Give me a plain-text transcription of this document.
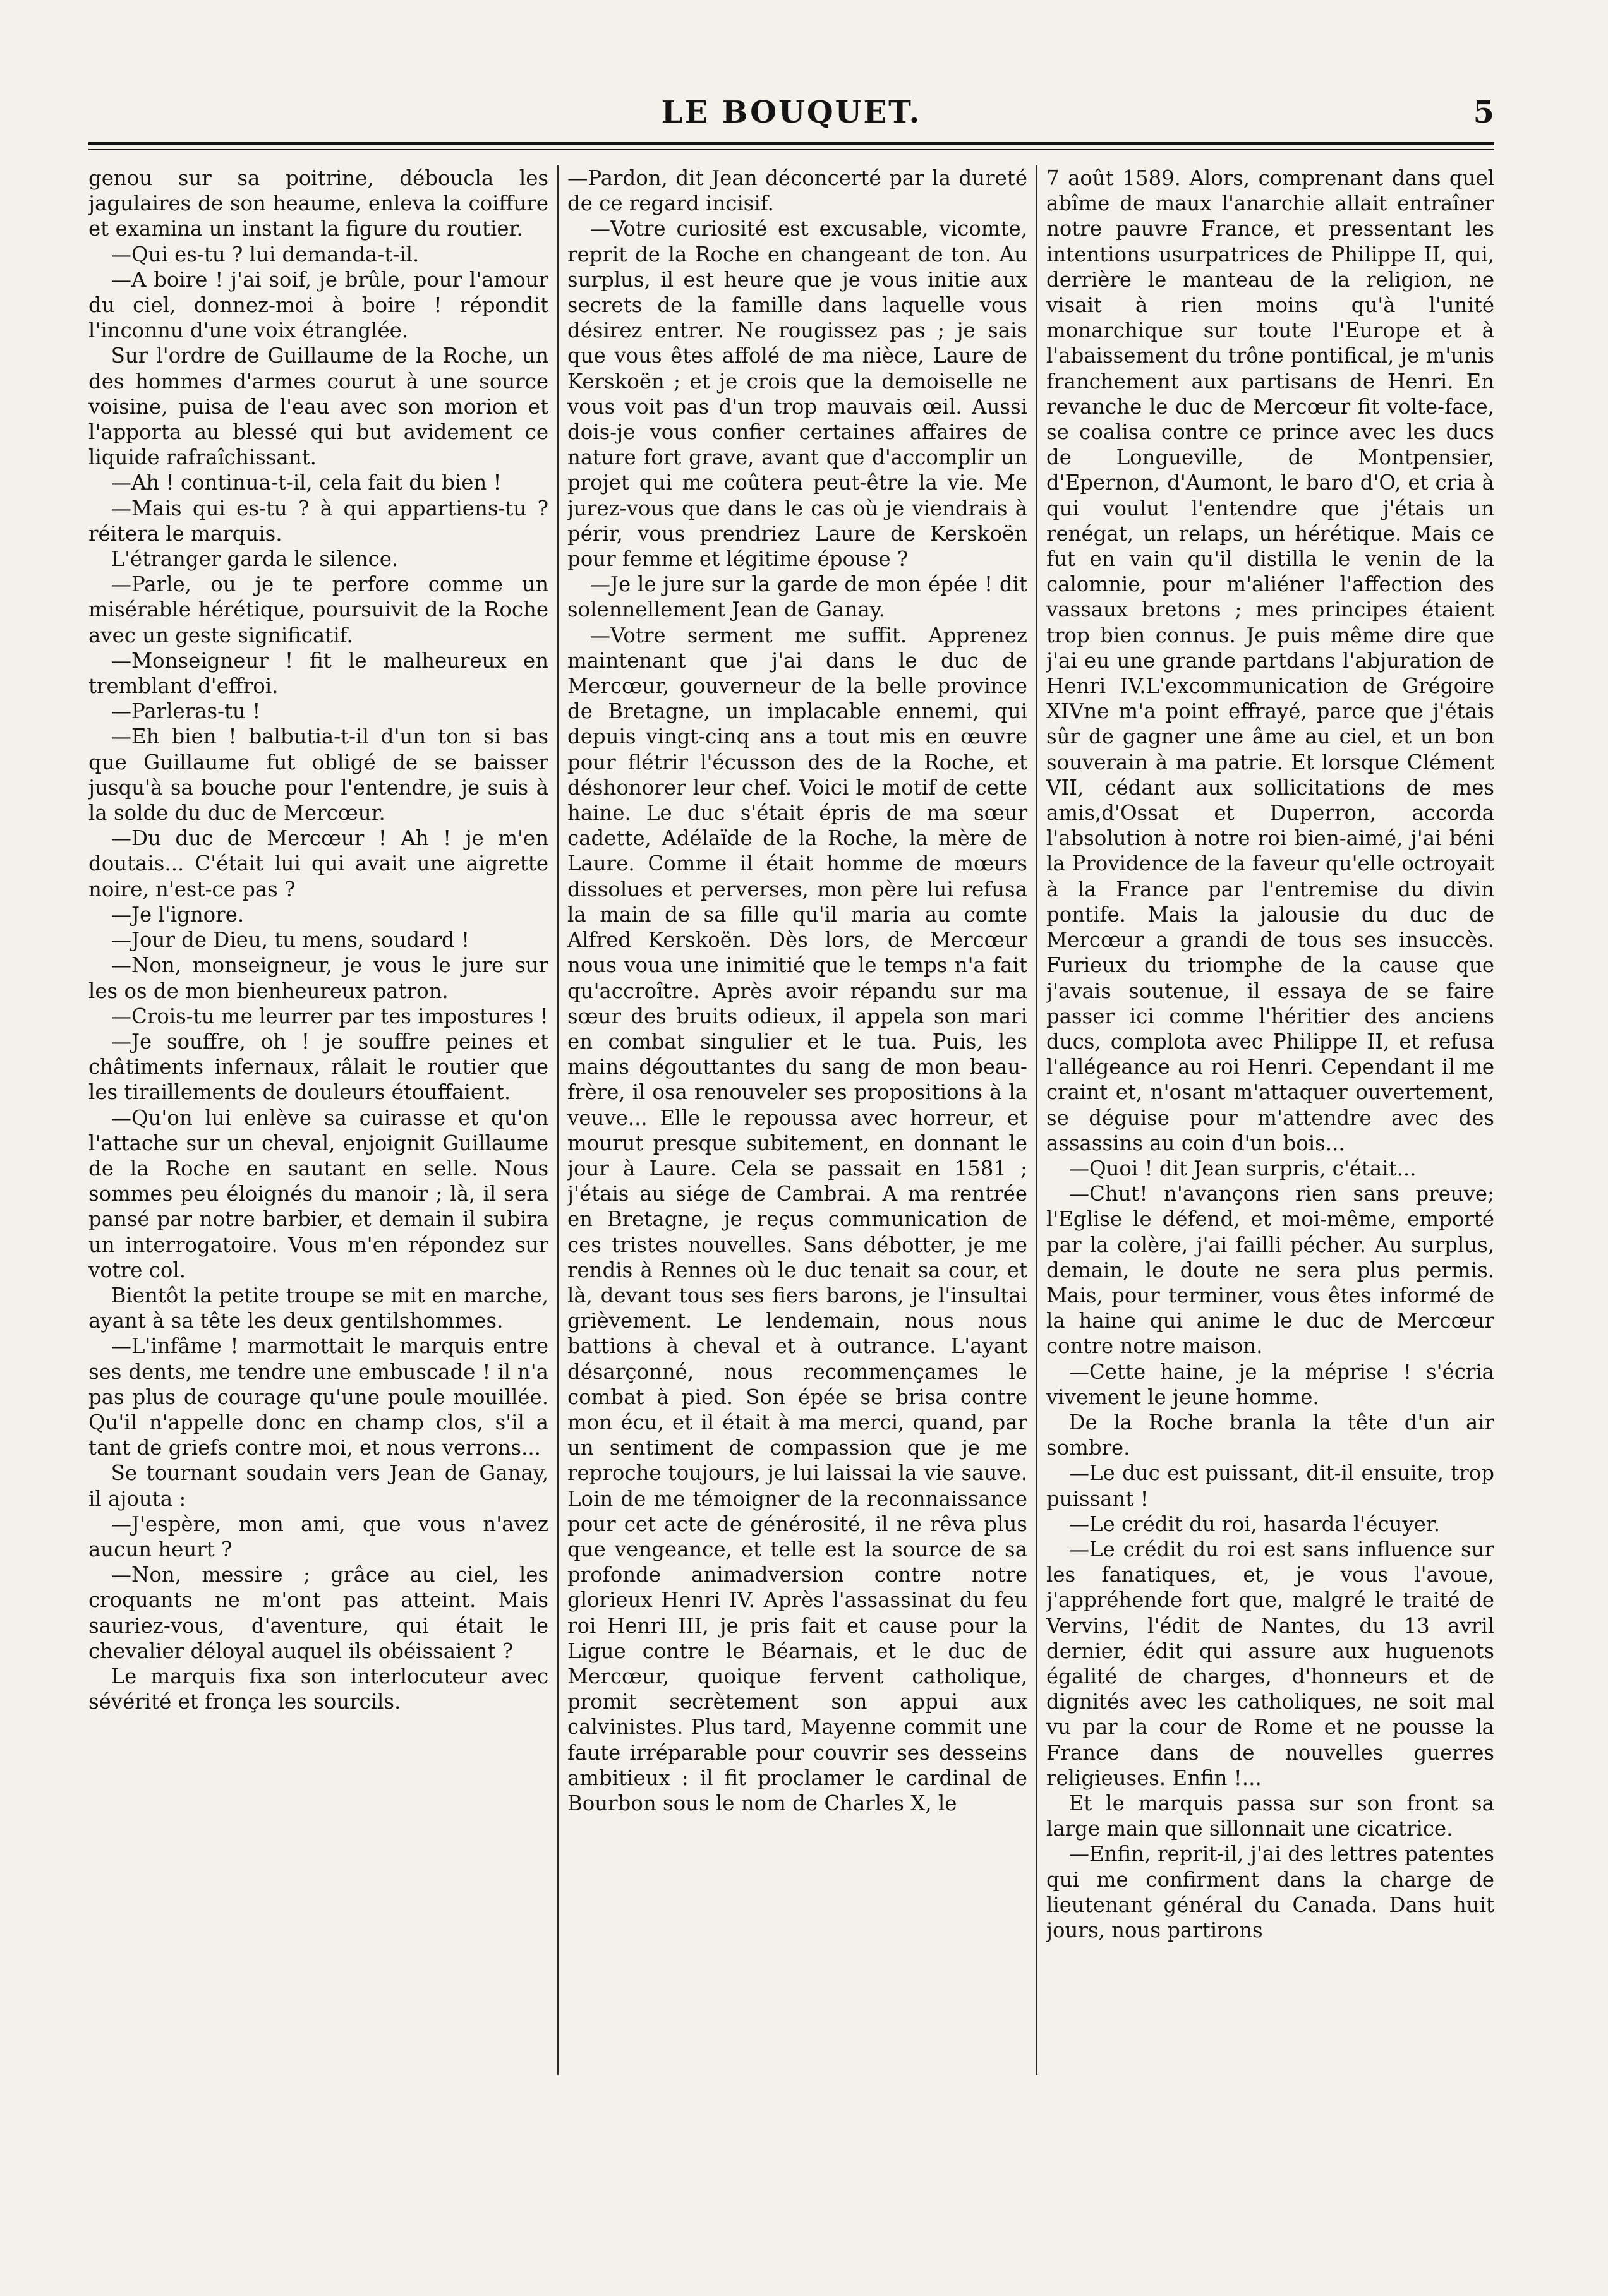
LE BOUQUET.	5

genou sur sa poitrine, déboucla les jagulaires de son heaume, enleva la coiffure et examina un instant la figure du routier.

—Qui es-tu ? lui demanda-t-il.

—A boire ! j'ai soif, je brûle, pour l'amour du ciel, donnez-moi à boire ! répondit l'inconnu d'une voix étranglée.

Sur l'ordre de Guillaume de la Roche, un des hommes d'armes courut à une source voisine, puisa de l'eau avec son morion et l'apporta au blessé qui but avidement ce liquide rafraîchissant.

—Ah ! continua-t-il, cela fait du bien !

—Mais qui es-tu ? à qui appartiens-tu ? réitera le marquis.

L'étranger garda le silence.

—Parle, ou je te perfore comme un misérable hérétique, poursuivit de la Roche avec un geste significatif.

—Monseigneur ! fit le malheureux en tremblant d'effroi.

—Parleras-tu !

—Eh bien ! balbutia-t-il d'un ton si bas que Guillaume fut obligé de se baisser jusqu'à sa bouche pour l'entendre, je suis à la solde du duc de Mercœur.

—Du duc de Mercœur ! Ah ! je m'en doutais... C'était lui qui avait une aigrette noire, n'est-ce pas ?

—Je l'ignore.

—Jour de Dieu, tu mens, soudard !

—Non, monseigneur, je vous le jure sur les os de mon bienheureux patron.

—Crois-tu me leurrer par tes impostures !

—Je souffre, oh ! je souffre peines et châtiments infernaux, râlait le routier que les tiraillements de douleurs étouffaient.

—Qu'on lui enlève sa cuirasse et qu'on l'attache sur un cheval, enjoignit Guillaume de la Roche en sautant en selle. Nous sommes peu éloignés du manoir ; là, il sera pansé par notre barbier, et demain il subira un interrogatoire. Vous m'en répondez sur votre col.

Bientôt la petite troupe se mit en marche, ayant à sa tête les deux gentilshommes.

—L'infâme ! marmottait le marquis entre ses dents, me tendre une embuscade ! il n'a pas plus de courage qu'une poule mouillée. Qu'il n'appelle donc en champ clos, s'il a tant de griefs contre moi, et nous verrons...

Se tournant soudain vers Jean de Ganay, il ajouta :

—J'espère, mon ami, que vous n'avez aucun heurt ?

—Non, messire ; grâce au ciel, les croquants ne m'ont pas atteint. Mais sauriez-vous, d'aventure, qui était le chevalier déloyal auquel ils obéissaient ?

Le marquis fixa son interlocuteur avec sévérité et fronça les sourcils.

—Pardon, dit Jean déconcerté par la dureté de ce regard incisif.

—Votre curiosité est excusable, vicomte, reprit de la Roche en changeant de ton. Au surplus, il est heure que je vous initie aux secrets de la famille dans laquelle vous désirez entrer. Ne rougissez pas ; je sais que vous êtes affolé de ma nièce, Laure de Kerskoën ; et je crois que la demoiselle ne vous voit pas d'un trop mauvais œil. Aussi dois-je vous confier certaines affaires de nature fort grave, avant que d'accomplir un projet qui me coûtera peut-être la vie. Me jurez-vous que dans le cas où je viendrais à périr, vous prendriez Laure de Kerskoën pour femme et légitime épouse ?

—Je le jure sur la garde de mon épée ! dit solennellement Jean de Ganay.

—Votre serment me suffit. Apprenez maintenant que j'ai dans le duc de Mercœur, gouverneur de la belle province de Bretagne, un implacable ennemi, qui depuis vingt-cinq ans a tout mis en œuvre pour flétrir l'écusson des de la Roche, et déshonorer leur chef. Voici le motif de cette haine. Le duc s'était épris de ma sœur cadette, Adélaïde de la Roche, la mère de Laure. Comme il était homme de mœurs dissolues et perverses, mon père lui refusa la main de sa fille qu'il maria au comte Alfred Kerskoën. Dès lors, de Mercœur nous voua une inimitié que le temps n'a fait qu'accroître. Après avoir répandu sur ma sœur des bruits odieux, il appela son mari en combat singulier et le tua. Puis, les mains dégouttantes du sang de mon beau-frère, il osa renouveler ses propositions à la veuve... Elle le repoussa avec horreur, et mourut presque subitement, en donnant le jour à Laure. Cela se passait en 1581 ; j'étais au siége de Cambrai. A ma rentrée en Bretagne, je reçus communication de ces tristes nouvelles. Sans débotter, je me rendis à Rennes où le duc tenait sa cour, et là, devant tous ses fiers barons, je l'insultai grièvement. Le lendemain, nous nous battions à cheval et à outrance. L'ayant désarçonné, nous recommençames le combat à pied. Son épée se brisa contre mon écu, et il était à ma merci, quand, par un sentiment de compassion que je me reproche toujours, je lui laissai la vie sauve. Loin de me témoigner de la reconnaissance pour cet acte de générosité, il ne rêva plus que vengeance, et telle est la source de sa profonde animadversion contre notre glorieux Henri IV. Après l'assassinat du feu roi Henri III, je pris fait et cause pour la Ligue contre le Béarnais, et le duc de Mercœur, quoique fervent catholique, promit secrètement son appui aux calvinistes. Plus tard, Mayenne commit une faute irréparable pour couvrir ses desseins ambitieux : il fit proclamer le cardinal de Bourbon sous le nom de Charles X, le

7 août 1589. Alors, comprenant dans quel abîme de maux l'anarchie allait entraîner notre pauvre France, et pressentant les intentions usurpatrices de Philippe II, qui, derrière le manteau de la religion, ne visait à rien moins qu'à l'unité monarchique sur toute l'Europe et à l'abaissement du trône pontifical, je m'unis franchement aux partisans de Henri. En revanche le duc de Mercœur fit volte-face, se coalisa contre ce prince avec les ducs de Longueville, de Montpensier, d'Epernon, d'Aumont, le baro d'O, et cria à qui voulut l'entendre que j'étais un renégat, un relaps, un hérétique. Mais ce fut en vain qu'il distilla le venin de la calomnie, pour m'aliéner l'affection des vassaux bretons ; mes principes étaient trop bien connus. Je puis même dire que j'ai eu une grande partdans l'abjuration de Henri IV.L'excommunication de Grégoire XIVne m'a point effrayé, parce que j'étais sûr de gagner une âme au ciel, et un bon souverain à ma patrie. Et lorsque Clément VII, cédant aux sollicitations de mes amis,d'Ossat et Duperron, accorda l'absolution à notre roi bien-aimé, j'ai béni la Providence de la faveur qu'elle octroyait à la France par l'entremise du divin pontife. Mais la jalousie du duc de Mercœur a grandi de tous ses insuccès. Furieux du triomphe de la cause que j'avais soutenue, il essaya de se faire passer ici comme l'héritier des anciens ducs, complota avec Philippe II, et refusa l'allégeance au roi Henri. Cependant il me craint et, n'osant m'attaquer ouvertement, se déguise pour m'attendre avec des assassins au coin d'un bois...

—Quoi ! dit Jean surpris, c'était...

—Chut! n'avançons rien sans preuve; l'Eglise le défend, et moi-même, emporté par la colère, j'ai failli pécher. Au surplus, demain, le doute ne sera plus permis. Mais, pour terminer, vous êtes informé de la haine qui anime le duc de Mercœur contre notre maison.

—Cette haine, je la méprise ! s'écria vivement le jeune homme.

De la Roche branla la tête d'un air sombre.

—Le duc est puissant, dit-il ensuite, trop puissant !

—Le crédit du roi, hasarda l'écuyer.

—Le crédit du roi est sans influence sur les fanatiques, et, je vous l'avoue, j'appréhende fort que, malgré le traité de Vervins, l'édit de Nantes, du 13 avril dernier, édit qui assure aux huguenots égalité de charges, d'honneurs et de dignités avec les catholiques, ne soit mal vu par la cour de Rome et ne pousse la France dans de nouvelles guerres religieuses. Enfin !...

Et le marquis passa sur son front sa large main que sillonnait une cicatrice.

—Enfin, reprit-il, j'ai des lettres patentes qui me confirment dans la charge de lieutenant général du Canada. Dans huit jours, nous partirons
